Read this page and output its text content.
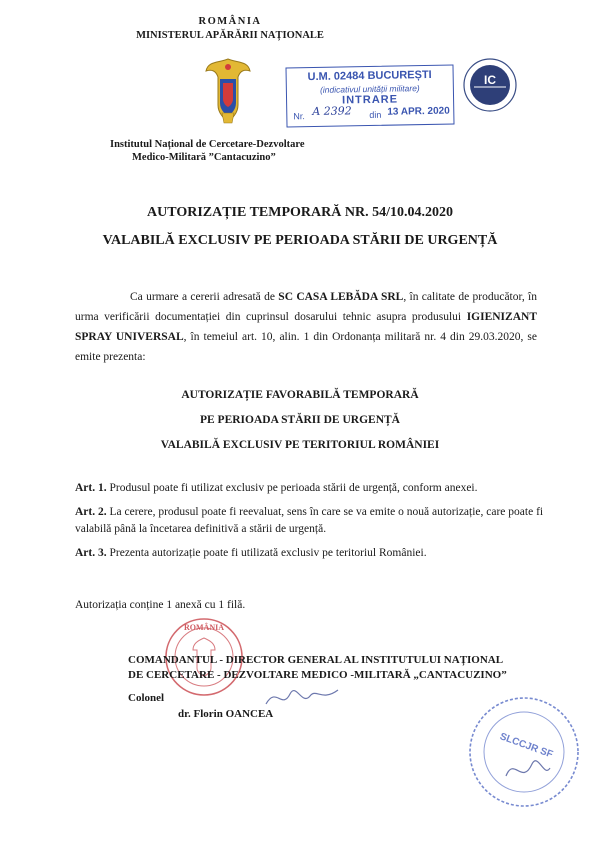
ROMÂNIA
MINISTERUL APĂRĂRII NAȚIONALE
U.M. 02484 BUCUREȘTI
(indicativul unității militare)
INTRARE
Nr. A 2392 din 13 APR. 2020
IC
Institutul Național de Cercetare-Dezvoltare
Medico-Militară ”Cantacuzino”
AUTORIZAȚIE TEMPORARĂ NR. 54/10.04.2020
VALABILĂ EXCLUSIV PE PERIOADA STĂRII DE URGENȚĂ
Ca urmare a cererii adresată de SC CASA LEBĂDA SRL, în calitate de producător, în urma verificării documentației din cuprinsul dosarului tehnic asupra produsului IGIENIZANT SPRAY UNIVERSAL, în temeiul art. 10, alin. 1 din Ordonanța militară nr. 4 din 29.03.2020, se emite prezenta:
AUTORIZAȚIE FAVORABILĂ TEMPORARĂ
PE PERIOADA STĂRII DE URGENȚĂ
VALABILĂ EXCLUSIV PE TERITORIUL ROMÂNIEI
Art. 1. Produsul poate fi utilizat exclusiv pe perioada stării de urgență, conform anexei.
Art. 2. La cerere, produsul poate fi reevaluat, sens în care se va emite o nouă autorizație, care poate fi valabilă până la încetarea definitivă a stării de urgență.
Art. 3. Prezenta autorizație poate fi utilizată exclusiv pe teritoriul României.
Autorizația conține 1 anexă cu 1 filă.
ROMÂNIA
COMANDANTUL - DIRECTOR GENERAL AL INSTITUTULUI NAȚIONAL
DE CERCETARE - DEZVOLTARE MEDICO -MILITARĂ „CANTACUZINO”
Colonel
dr. Florin OANCEA
SLCCJR SF
